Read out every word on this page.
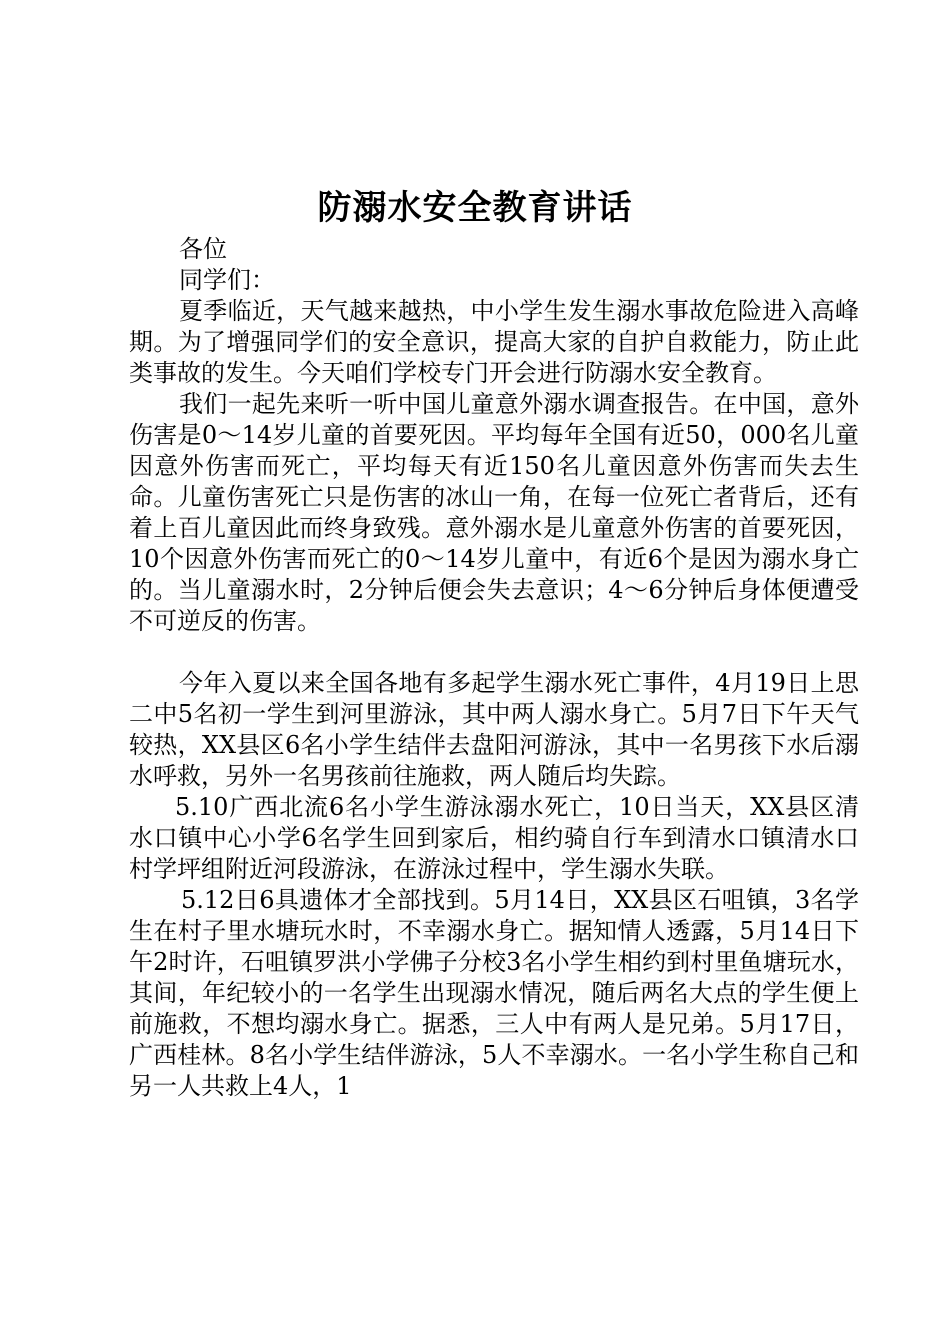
防溺水安全教育讲话

各位

同学们：

夏季临近，天气越来越热，中小学生发生溺水事故危险进入高峰期。为了增强同学们的安全意识，提高大家的自护自救能力，防止此类事故的发生。今天咱们学校专门开会进行防溺水安全教育。

我们一起先来听一听中国儿童意外溺水调查报告。在中国，意外伤害是0～14岁儿童的首要死因。平均每年全国有近50，000名儿童因意外伤害而死亡，平均每天有近150名儿童因意外伤害而失去生命。儿童伤害死亡只是伤害的冰山一角，在每一位死亡者背后，还有着上百儿童因此而终身致残。意外溺水是儿童意外伤害的首要死因，10个因意外伤害而死亡的0～14岁儿童中，有近6个是因为溺水身亡的。当儿童溺水时，2分钟后便会失去意识；4～6分钟后身体便遭受不可逆反的伤害。

今年入夏以来全国各地有多起学生溺水死亡事件，4月19日上思二中5名初一学生到河里游泳，其中两人溺水身亡。5月7日下午天气较热，XX县区6名小学生结伴去盘阳河游泳，其中一名男孩下水后溺水呼救，另外一名男孩前往施救，两人随后均失踪。

5.10广西北流6名小学生游泳溺水死亡，10日当天，XX县区清水口镇中心小学6名学生回到家后，相约骑自行车到清水口镇清水口村学坪组附近河段游泳，在游泳过程中，学生溺水失联。

5.12日6具遗体才全部找到。5月14日，XX县区石咀镇，3名学生在村子里水塘玩水时，不幸溺水身亡。据知情人透露，5月14日下午2时许，石咀镇罗洪小学佛子分校3名小学生相约到村里鱼塘玩水，其间，年纪较小的一名学生出现溺水情况，随后两名大点的学生便上前施救，不想均溺水身亡。据悉，三人中有两人是兄弟。5月17日，广西桂林。8名小学生结伴游泳，5人不幸溺水。一名小学生称自己和另一人共救上4人，1
